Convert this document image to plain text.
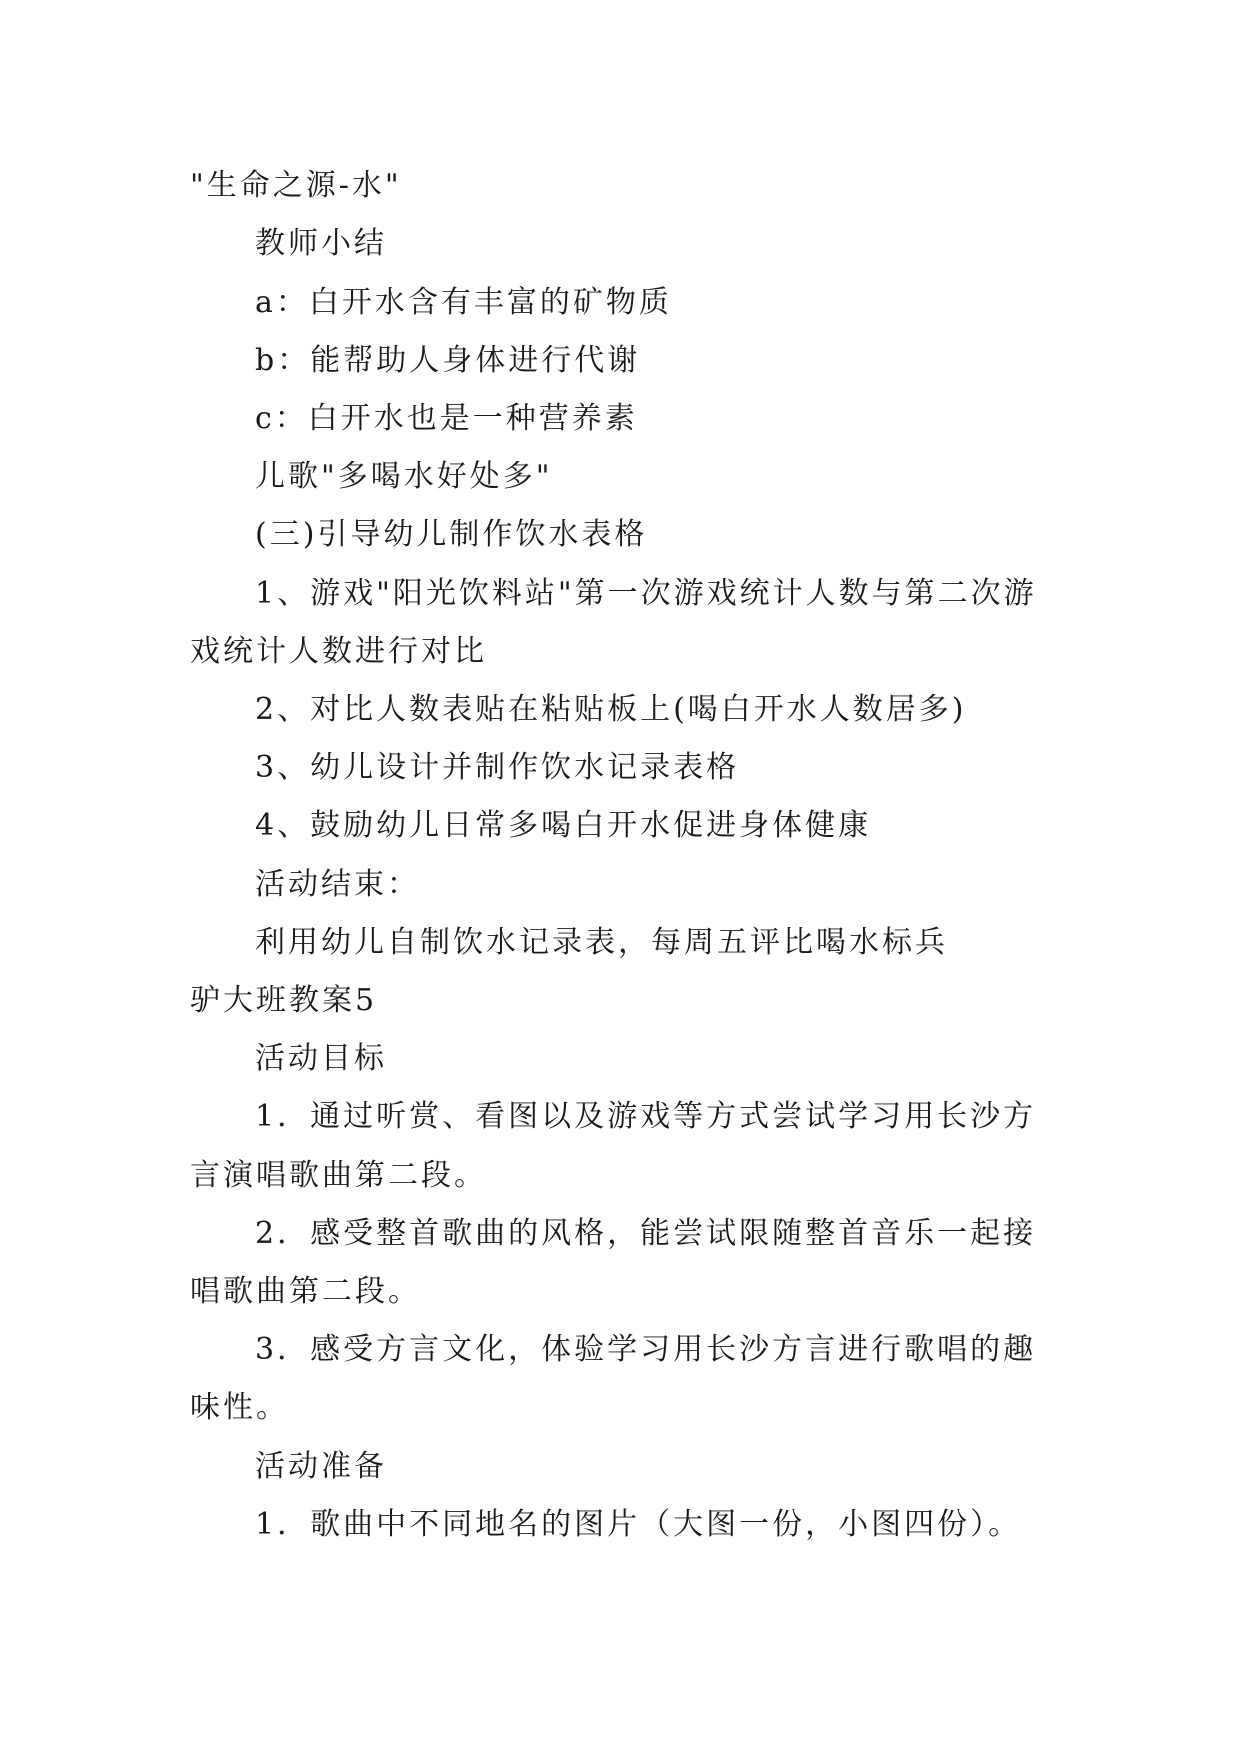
"生命之源-水"
教师小结
a：白开水含有丰富的矿物质
b：能帮助人身体进行代谢
c：白开水也是一种营养素
儿歌"多喝水好处多"
(三)引导幼儿制作饮水表格
1、游戏"阳光饮料站"第一次游戏统计人数与第二次游
戏统计人数进行对比
2、对比人数表贴在粘贴板上(喝白开水人数居多)
3、幼儿设计并制作饮水记录表格
4、鼓励幼儿日常多喝白开水促进身体健康
活动结束：
利用幼儿自制饮水记录表，每周五评比喝水标兵
驴大班教案5
活动目标
1．通过听赏、看图以及游戏等方式尝试学习用长沙方
言演唱歌曲第二段。
2．感受整首歌曲的风格，能尝试限随整首音乐一起接
唱歌曲第二段。
3．感受方言文化，体验学习用长沙方言进行歌唱的趣
味性。
活动准备
1．歌曲中不同地名的图片（大图一份，小图四份）。
